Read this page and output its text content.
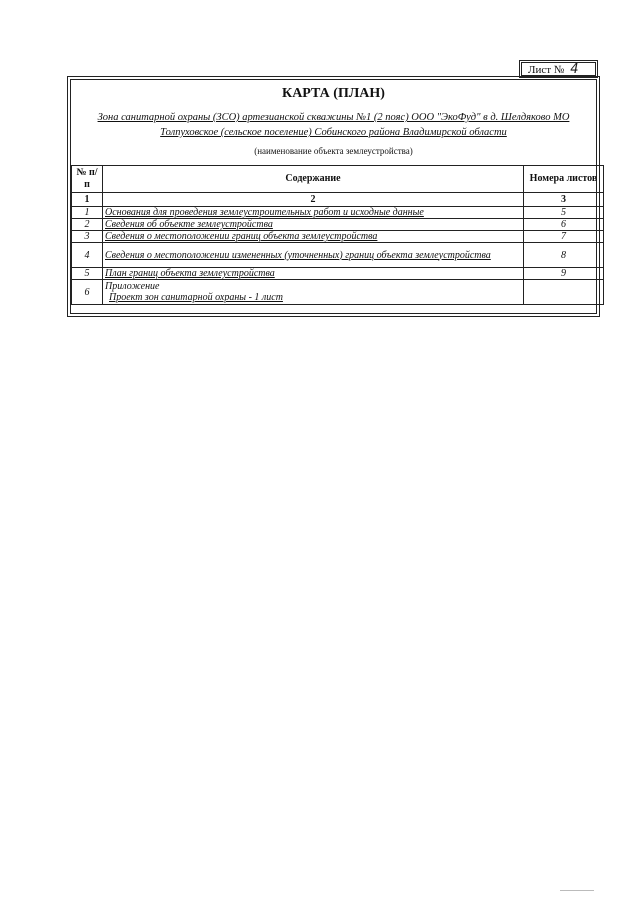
Лист № 4
КАРТА (ПЛАН)
Зона санитарной охраны (ЗСО) артезианской скважины №1 (2 пояс) ООО "ЭкоФуд" в д. Шелдяково МО Толпуховское (сельское поселение) Собинского района Владимирской области
(наименование объекта землеустройства)
№ п/п	Содержание	Номера листов
1	2	3
1	Основания для проведения землеустроительных работ и исходные данные	5
2	Сведения об объекте землеустройства	6
3	Сведения о местоположении границ объекта землеустройства	7
4	Сведения о местоположении измененных (уточненных) границ объекта землеустройства	8
5	План границ объекта землеустройства	9
6	Приложение
Проект зон санитарной охраны - 1 лист	
